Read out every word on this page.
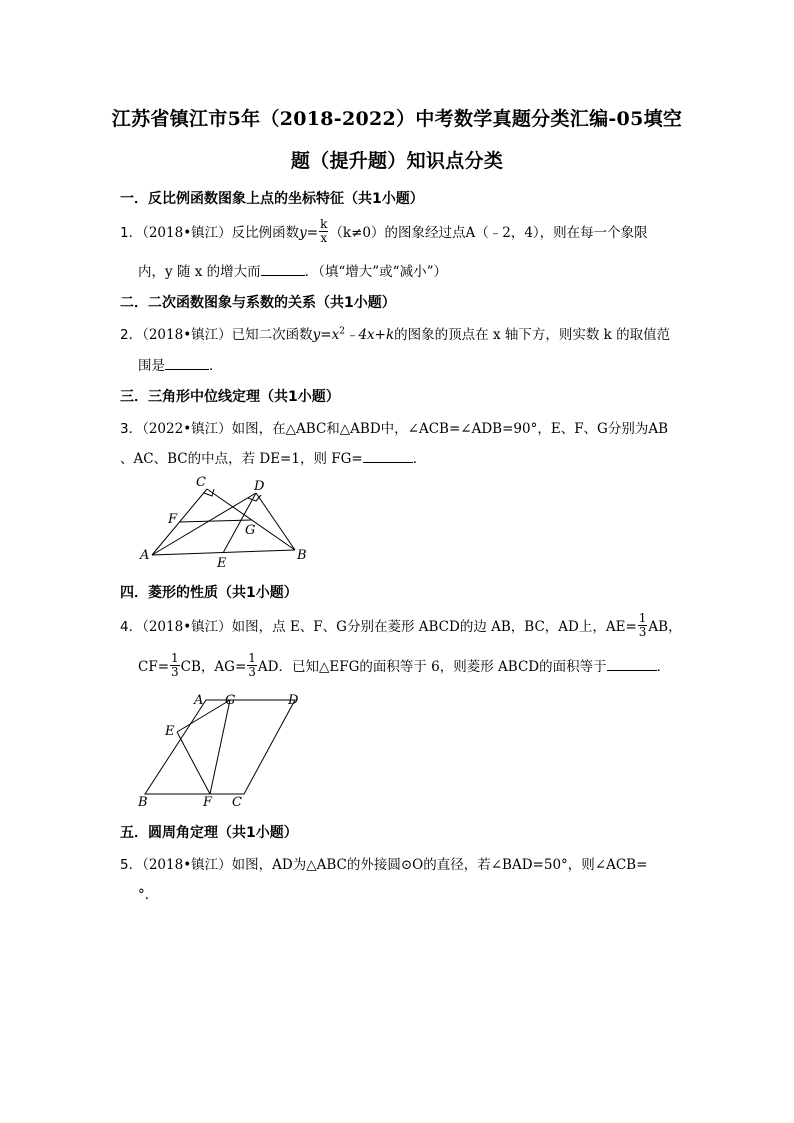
江苏省镇江市5年（2018-2022）中考数学真题分类汇编-05填空
题（提升题）知识点分类
一．反比例函数图象上点的坐标特征（共1小题）
1．（2018•镇江）反比例函数$y= \frac{k}{x} (k\ne 0)$的图象经过点A（﹣2，4），则在每一个象限
内，y 随 x 的增大而	．（填“增大”或“减小”）
二．二次函数图象与系数的关系（共1小题）
2．（2018•镇江）已知二次函数$y=x^2﹣4x+k$的图象的顶点在 x 轴下方，则实数 k 的取值范
围是	．
三．三角形中位线定理（共1小题）
3．（2022•镇江）如图，在△ABC和△ABD中，∠ACB=∠ADB=90°，E、F、G分别为AB
、AC、BC的中点，若 DE=1，则 FG=	．
A	B
C	D
E
F
G
四．菱形的性质（共1小题）
4．（2018•镇江）如图，点 E、F、G分别在菱形 ABCD的边 AB，BC，AD上，$AE= \frac{1}{3}$ AB，
$CF= \frac{1}{3}$ CB，$AG= \frac{1}{3}$ AD．已知△EFG的面积等于 6，则菱形 ABCD的面积等于	．
A G	D
E
B	F C
五．圆周角定理（共1小题）
5．（2018•镇江）如图，AD为△ABC的外接圆⊙O的直径，若∠BAD=50°，则∠ACB=
°．
